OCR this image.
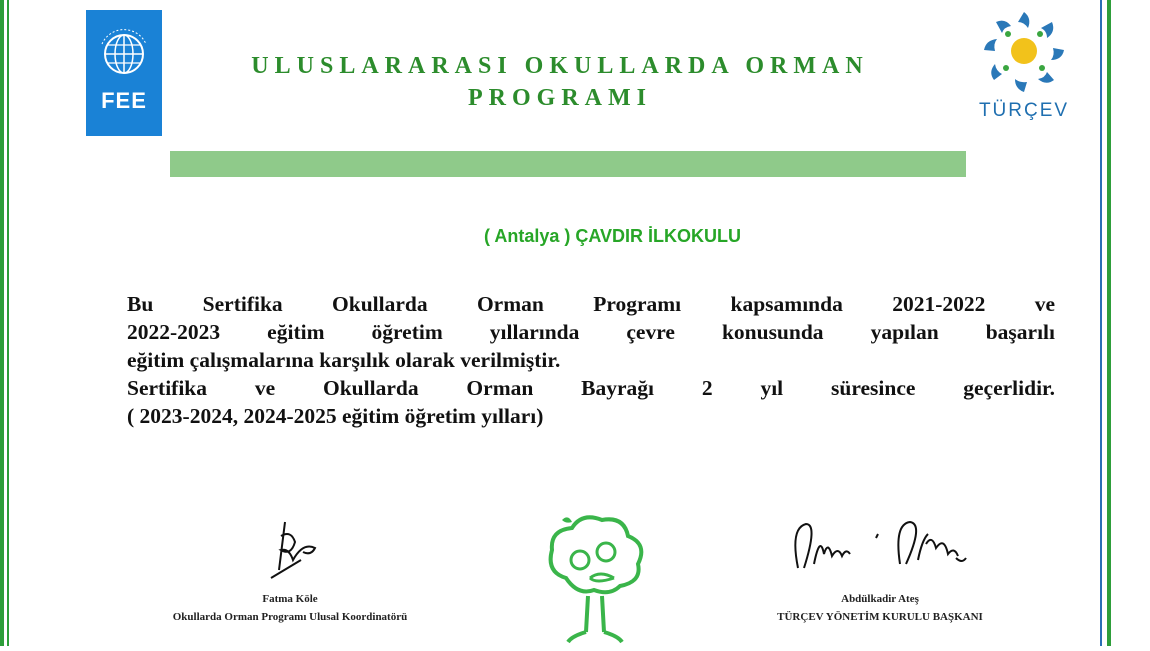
FEE
ULUSLARARASI OKULLARDA ORMAN
PROGRAMI	TÜRÇEV
( Antalya ) ÇAVDIR İLKOKULU

Bu Sertifika Okullarda Orman Programı kapsamında 2021-2022 ve

2022-2023 eğitim öğretim yıllarında çevre konusunda yapılan başarılı

eğitim çalışmalarına karşılık olarak verilmiştir.

Sertifika ve Okullarda Orman Bayrağı 2 yıl süresince geçerlidir.

( 2023-2024, 2024-2025 eğitim öğretim yılları)

Fatma Köle
Okullarda Orman Programı Ulusal Koordinatörü
Abdülkadir Ateş
TÜRÇEV YÖNETİM KURULU BAŞKANI
